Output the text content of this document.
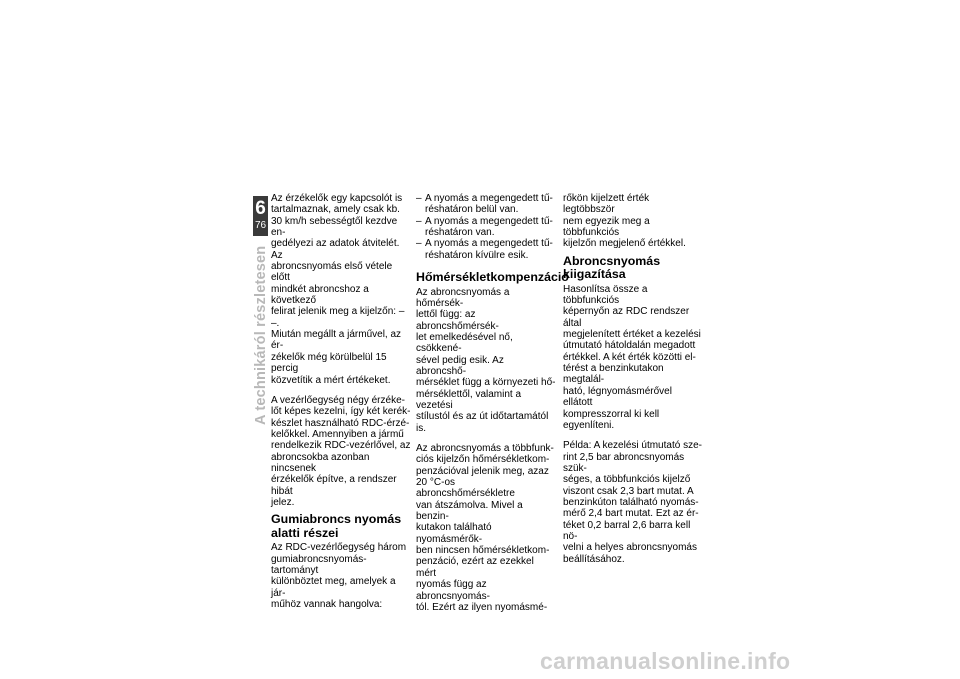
6
76
A technikáról részletesen

Az érzékelők egy kapcsolót is
tartalmaznak, amely csak kb.
30 km/h sebességtől kezdve en-
gedélyezi az adatok átvitelét. Az
abroncsnyomás első vétele előtt
mindkét abroncshoz a következő
felirat jelenik meg a kijelzőn: – –.
Miután megállt a járművel, az ér-
zékelők még körülbelül 15 percig
közvetítik a mért értékeket.

A vezérlőegység négy érzéke-
lőt képes kezelni, így két kerék-
készlet használható RDC-érzé-
kelőkkel. Amennyiben a jármű
rendelkezik RDC-vezérlővel, az
abroncsokba azonban nincsenek
érzékelők építve, a rendszer hibát
jelez.

Gumiabroncs nyomás
alatti részei

Az RDC-vezérlőegység három
gumiabroncsnyomás-tartományt
különböztet meg, amelyek a jár-
műhöz vannak hangolva:

– A nyomás a megengedett tű-
réshatáron belül van.
– A nyomás a megengedett tű-
réshatáron van.
– A nyomás a megengedett tű-
réshatáron kívülre esik.
Hőmérsékletkompenzáció

Az abroncsnyomás a hőmérsék-
lettől függ: az abroncshőmérsék-
let emelkedésével nő, csökkené-
sével pedig esik. Az abroncshő-
mérséklet függ a környezeti hő-
mérséklettől, valamint a vezetési
stílustól és az út időtartamától is.

Az abroncsnyomás a többfunk-
ciós kijelzőn hőmérsékletkom-
penzációval jelenik meg, azaz
20 °C-os abroncshőmérsékletre
van átszámolva. Mivel a benzin-
kutakon található nyomásmérők-
ben nincsen hőmérsékletkom-
penzáció, ezért az ezekkel mért
nyomás függ az abroncsnyomás-
tól. Ezért az ilyen nyomásmé-

rőkön kijelzett érték legtöbbször
nem egyezik meg a többfunkciós
kijelzőn megjelenő értékkel.

Abroncsnyomás
kiigazítása

Hasonlítsa össze a többfunkciós
képernyőn az RDC rendszer által
megjelenített értéket a kezelési
útmutató hátoldalán megadott
értékkel. A két érték közötti el-
térést a benzinkutakon megtalál-
ható, légnyomásmérővel ellátott
kompresszorral ki kell egyenlíteni.

Példa: A kezelési útmutató sze-
rint 2,5 bar abroncsnyomás szük-
séges, a többfunkciós kijelző
viszont csak 2,3 bart mutat. A
benzinkúton található nyomás-
mérő 2,4 bart mutat. Ezt az ér-
téket 0,2 barral 2,6 barra kell nö-
velni a helyes abroncsnyomás
beállításához.

carmanualsonline.info
